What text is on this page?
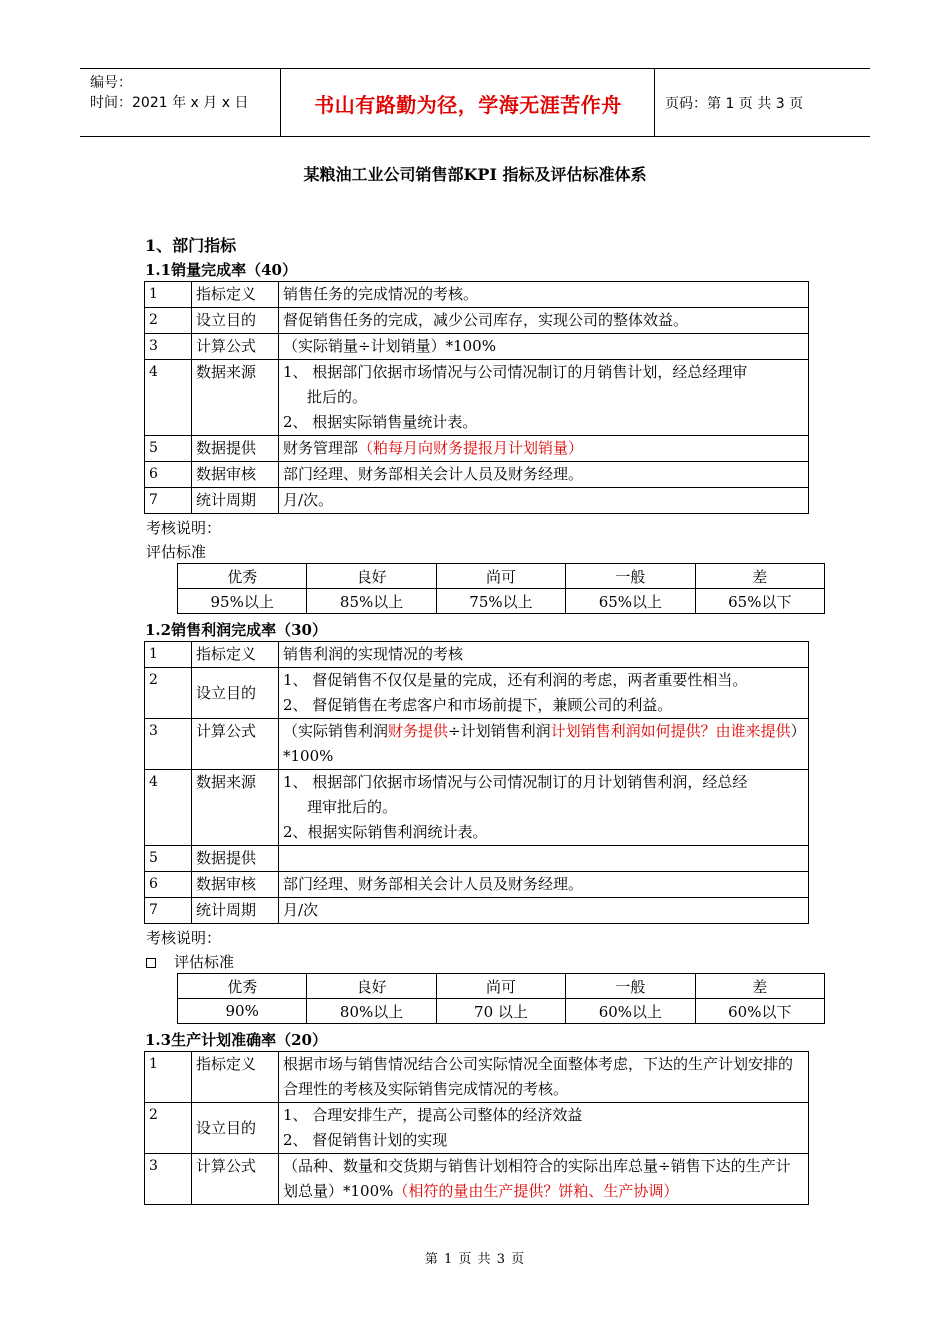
编号：
时间：2021 年 x 月 x 日	书山有路勤为径，学海无涯苦作舟	页码：第 1 页 共 3 页
某粮油工业公司销售部KPI 指标及评估标准体系
1、部门指标
1.1销量完成率（40）
1	指标定义	销售任务的完成情况的考核。
2	设立目的	督促销售任务的完成，减少公司库存，实现公司的整体效益。
3	计算公式	（实际销量÷计划销量）*100%
4	数据来源	1、 根据部门依据市场情况与公司情况制订的月销售计划，经总经理审
批后的。
2、 根据实际销售量统计表。

5	数据提供	财务管理部（粕每月向财务提报月计划销量）
6	数据审核	部门经理、财务部相关会计人员及财务经理。
7	统计周期	月/次。
考核说明：
评估标准
优秀	良好	尚可	一般	差
95%以上	85%以上	75%以上	65%以上	65%以下
1.2销售利润完成率（30）
1	指标定义	销售利润的实现情况的考核
2	设立目的	1、 督促销售不仅仅是量的完成，还有利润的考虑，两者重要性相当。
2、 督促销售在考虑客户和市场前提下，兼顾公司的利益。

3	计算公式	（实际销售利润财务提供÷计划销售利润计划销售利润如何提供？由谁来提供）*100%
4	数据来源	1、 根据部门依据市场情况与公司情况制订的月计划销售利润，经总经
理审批后的。
2、根据实际销售利润统计表。

5	数据提供	
6	数据审核	部门经理、财务部相关会计人员及财务经理。
7	统计周期	月/次
考核说明：
评估标准
优秀	良好	尚可	一般	差
90%	80%以上	70 以上	60%以上	60%以下
1.3生产计划准确率（20）
1	指标定义	根据市场与销售情况结合公司实际情况全面整体考虑，下达的生产计划安排的合理性的考核及实际销售完成情况的考核。
2	设立目的	1、 合理安排生产，提高公司整体的经济效益
2、 督促销售计划的实现

3	计算公式	（品种、数量和交货期与销售计划相符合的实际出库总量÷销售下达的生产计划总量）*100%（相符的量由生产提供？饼粕、生产协调）
第 1 页 共 3 页
